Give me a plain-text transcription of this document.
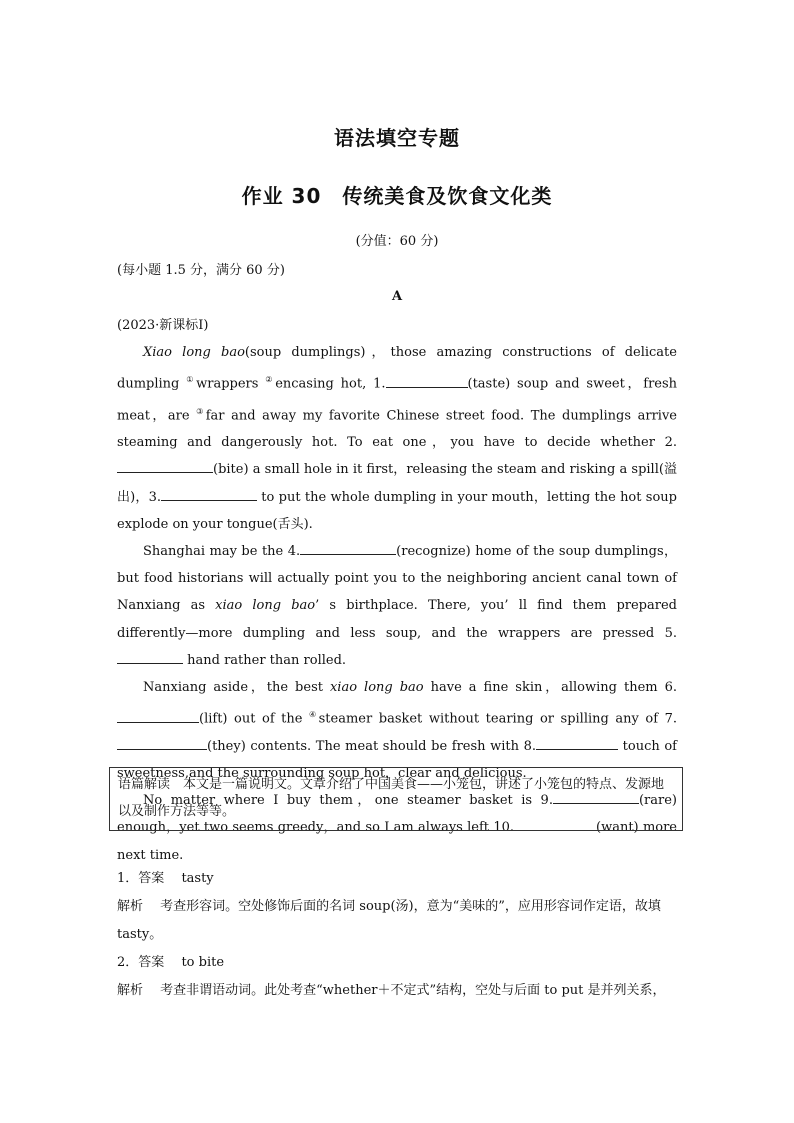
语法填空专题
作业 30　传统美食及饮食文化类
(分值：60 分)
(每小题 1.5 分，满分 60 分)
A
(2023·新课标Ⅰ)

Xiao long bao(soup dumplings)，those amazing constructions of delicate dumpling ①wrappers ②encasing hot, 1.	(taste) soup and sweet，fresh meat，are ③far and away my favorite Chinese street food. The dumplings arrive steaming and dangerously hot. To eat one，you have to decide whether 2.(bite) a small hole in it first，releasing the steam and risking a spill(溢出)，3.	to put the whole dumpling in your mouth，letting the hot soup explode on your tongue(舌头).

Shanghai may be the 4.	(recognize) home of the soup dumplings，but food historians will actually point you to the neighboring ancient canal town of Nanxiang as xiao long bao’ s birthplace. There, you’ ll find them prepared differently—more dumpling and less soup, and the wrappers are pressed 5. hand rather than rolled.

Nanxiang aside，the best xiao long bao have a fine skin，allowing them 6.(lift) out of the ④steamer basket without tearing or spilling any of 7.(they) contents. The meat should be fresh with 8.	touch of sweetness,and the surrounding soup hot，clear and delicious.

No matter where I buy them，one steamer basket is 9.	(rare) enough，yet two seems greedy，and so I am always left 10.	(want) more next time.

语篇解读　本文是一篇说明文。文章介绍了中国美食——小笼包，讲述了小笼包的特点、发源地以及制作方法等等。
1．答案　 tasty
解析　 考查形容词。空处修饰后面的名词 soup(汤)，意为“美味的”，应用形容词作定语，故填 tasty。
2．答案　 to bite
解析　 考查非谓语动词。此处考查“whether＋不定式”结构，空处与后面 to put 是并列关系，
